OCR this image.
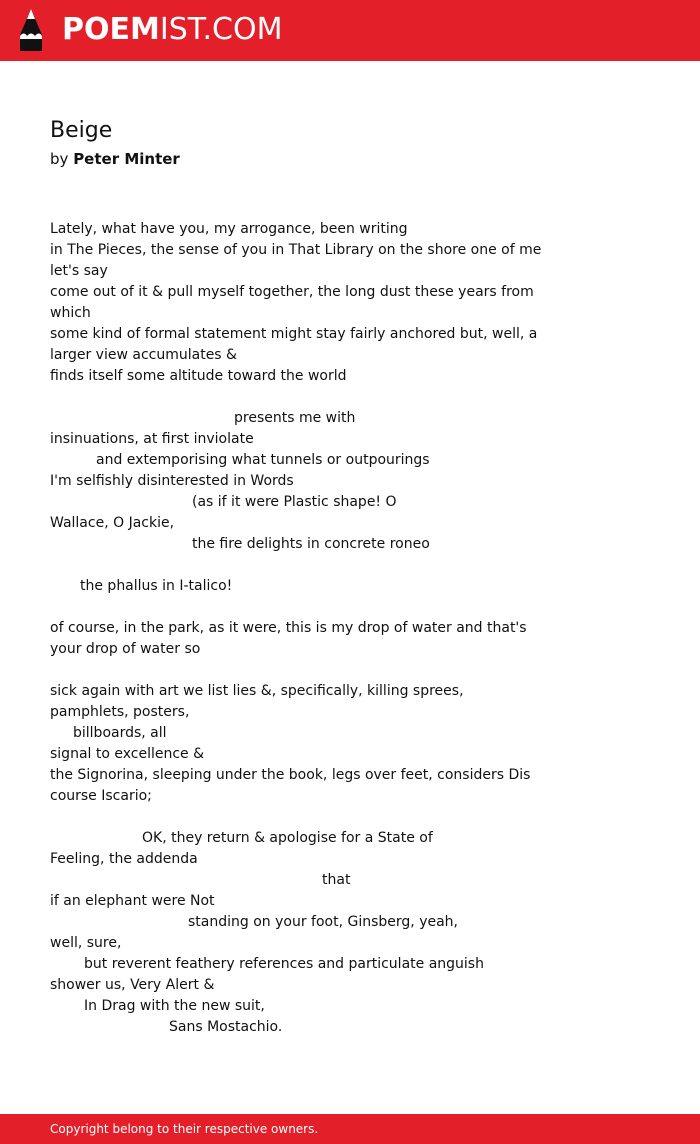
POEMIST.COM
Beige
by Peter Minter
Lately, what have you, my arrogance, been writing
in The Pieces, the sense of you in That Library on the shore one of me
let's say
come out of it & pull myself together, the long dust these years from
which
some kind of formal statement might stay fairly anchored but, well, a
larger view accumulates &
finds itself some altitude toward the world
presents me with
insinuations, at first inviolate
and extemporising what tunnels or outpourings
I'm selfishly disinterested in Words
(as if it were Plastic shape! O
Wallace, O Jackie,
the fire delights in concrete roneo
the phallus in I-talico!
of course, in the park, as it were, this is my drop of water and that's
your drop of water so
sick again with art we list lies &, specifically, killing sprees,
pamphlets, posters,
billboards, all
signal to excellence &
the Signorina, sleeping under the book, legs over feet, considers Dis
course Iscario;
OK, they return & apologise for a State of
Feeling, the addenda
that
if an elephant were Not
standing on your foot, Ginsberg, yeah,
well, sure,
but reverent feathery references and particulate anguish
shower us, Very Alert &
In Drag with the new suit,
Sans Mostachio.
Copyright belong to their respective owners.
